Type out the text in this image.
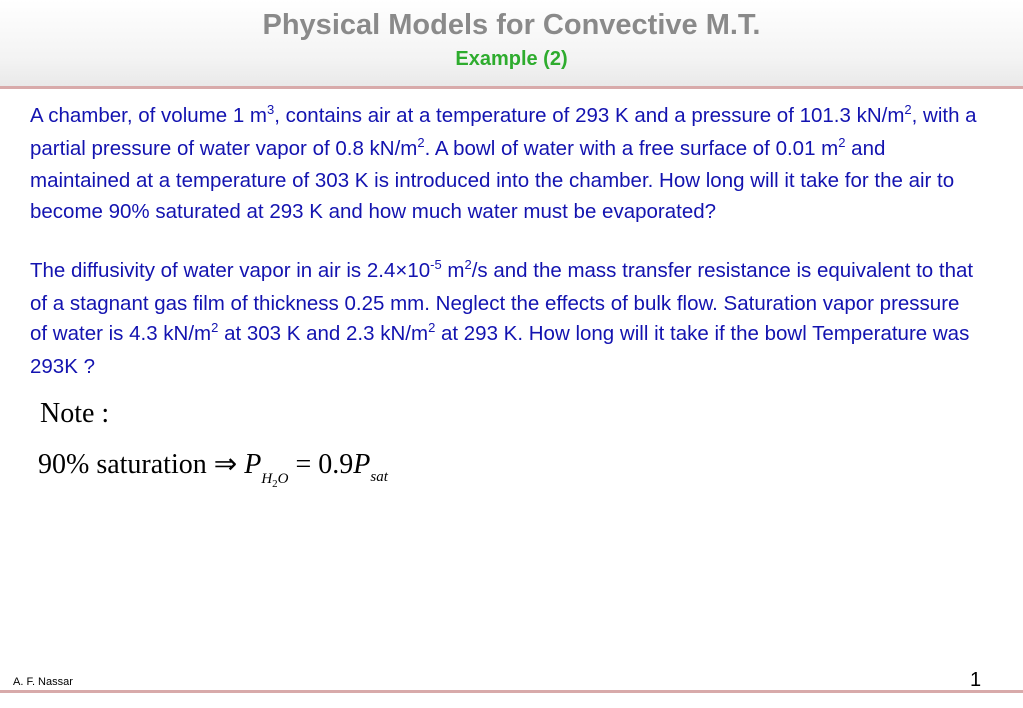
Physical Models for Convective M.T.
Example (2)

A chamber, of volume 1 $m^3$, contains air at a temperature of 293 K and a pressure of 101.3 $kN/m^2$, with a partial pressure of water vapor of 0.8 $kN/m^2$. A bowl of water with a free surface of 0.01 $m^2$ and maintained at a temperature of 303 K is introduced into the chamber. How long will it take for the air to become 90% saturated at 293 K and how much water must be evaporated?

The diffusivity of water vapor in air is $2.4\times 10^{-5}$ $m^2/s$ and the mass transfer resistance is equivalent to that of a stagnant gas film of thickness 0.25 mm. Neglect the effects of bulk flow. Saturation vapor pressure of water is 4.3 $kN/m^2$ at 303 K and 2.3 $kN/m^2$ at 293 K. How long will it take if the bowl Temperature was 293K ?

Note :
90% saturation ⇒ $P_{H_2O} = 0.9P_{sat}$
A. F. Nassar	1
